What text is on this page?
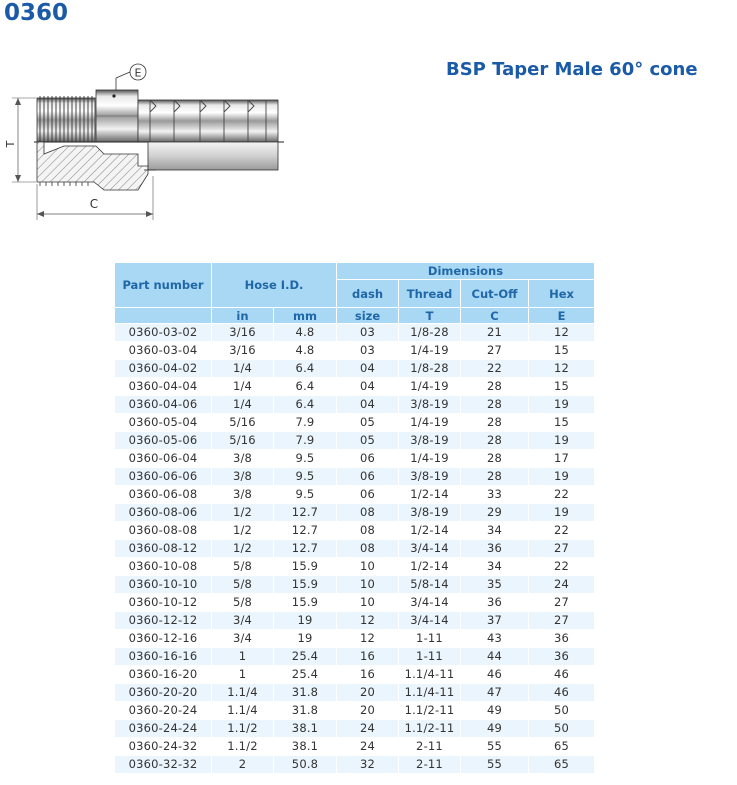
0360
BSP Taper Male 60° cone
E
T
C
Part number	Hose I.D.		Dimensions			
			dash	Thread	Cut-Off	Hex
	in	mm	size	T	C	E
0360-03-02	3/16	4.8	03	1/8-28	21	12
0360-03-04	3/16	4.8	03	1/4-19	27	15
0360-04-02	1/4	6.4	04	1/8-28	22	12
0360-04-04	1/4	6.4	04	1/4-19	28	15
0360-04-06	1/4	6.4	04	3/8-19	28	19
0360-05-04	5/16	7.9	05	1/4-19	28	15
0360-05-06	5/16	7.9	05	3/8-19	28	19
0360-06-04	3/8	9.5	06	1/4-19	28	17
0360-06-06	3/8	9.5	06	3/8-19	28	19
0360-06-08	3/8	9.5	06	1/2-14	33	22
0360-08-06	1/2	12.7	08	3/8-19	29	19
0360-08-08	1/2	12.7	08	1/2-14	34	22
0360-08-12	1/2	12.7	08	3/4-14	36	27
0360-10-08	5/8	15.9	10	1/2-14	34	22
0360-10-10	5/8	15.9	10	5/8-14	35	24
0360-10-12	5/8	15.9	10	3/4-14	36	27
0360-12-12	3/4	19	12	3/4-14	37	27
0360-12-16	3/4	19	12	1-11	43	36
0360-16-16	1	25.4	16	1-11	44	36
0360-16-20	1	25.4	16	1.1/4-11	46	46
0360-20-20	1.1/4	31.8	20	1.1/4-11	47	46
0360-20-24	1.1/4	31.8	20	1.1/2-11	49	50
0360-24-24	1.1/2	38.1	24	1.1/2-11	49	50
0360-24-32	1.1/2	38.1	24	2-11	55	65
0360-32-32	2	50.8	32	2-11	55	65
